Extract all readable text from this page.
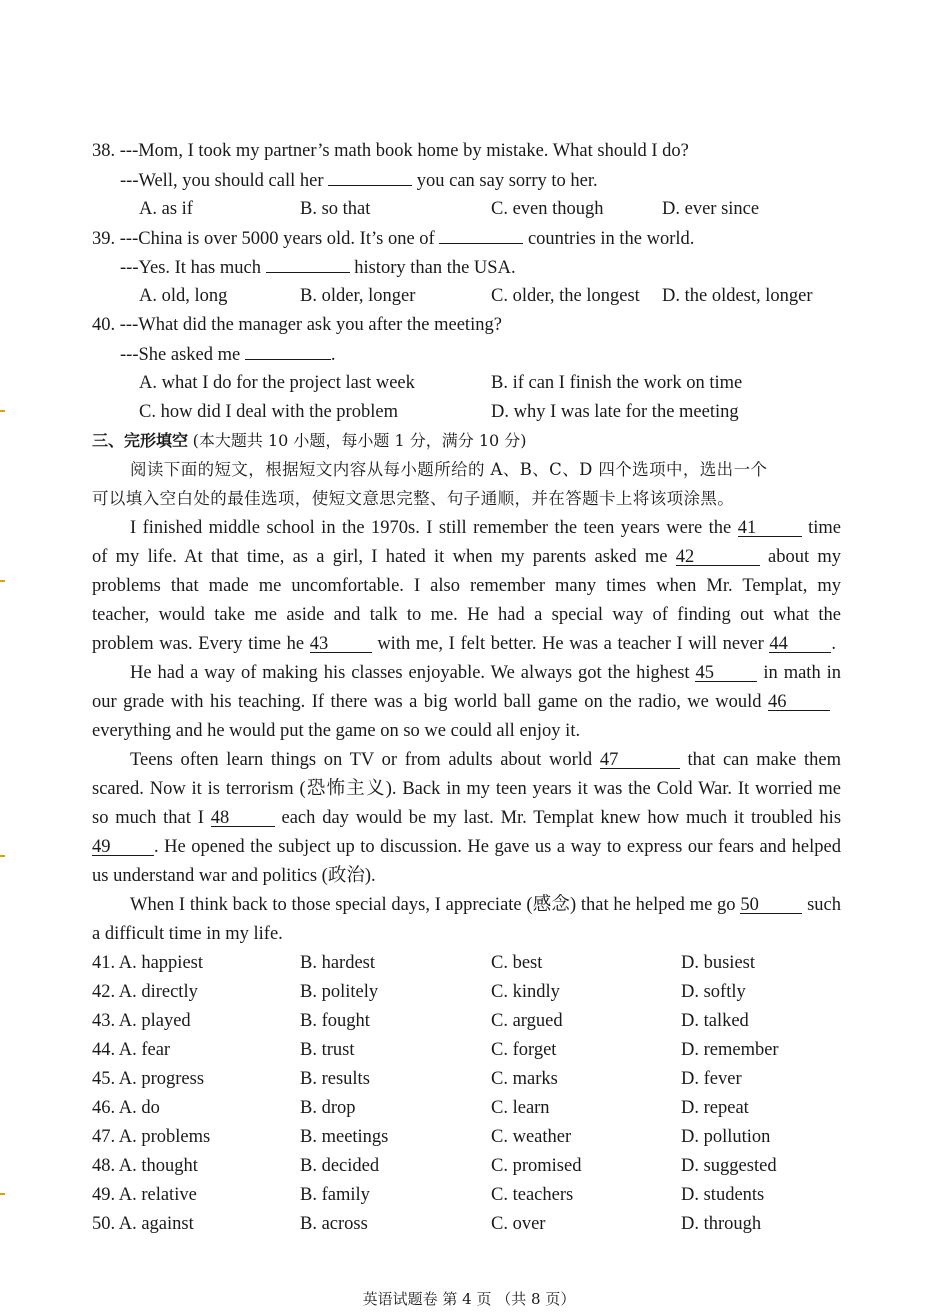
38. ---Mom, I took my partner’s math book home by mistake. What should I do?
---Well, you should call her	you can say sorry to her.
A. as if	B. so that	C. even though	D. ever since
39. ---China is over 5000 years old. It’s one of	countries in the world.
---Yes. It has much	history than the USA.
A. old, long	B. older, longer	C. older, the longest D. the oldest, longer
40. ---What did the manager ask you after the meeting?
---She asked me	.
A. what I do for the project last week	B. if can I finish the work on time
C. how did I deal with the problem	D. why I was late for the meeting
三、完形填空 (本大题共 10 小题，每小题 1 分，满分 10 分)
阅读下面的短文，根据短文内容从每小题所给的 A、B、C、D 四个选项中，选出一个
可以填入空白处的最佳选项，使短文意思完整、句子通顺，并在答题卡上将该项涂黑。
I finished middle school in the 1970s. I still remember the teen years were the 41	time
of my life. At that time, as a girl, I hated it when my parents asked me 42	about my
problems that made me uncomfortable. I also remember many times when Mr. Templat, my
teacher, would take me aside and talk to me. He had a special way of finding out what the
problem was. Every time he 43	with me, I felt better. He was a teacher I will never 44 .
He had a way of making his classes enjoyable. We always got the highest 45	in math in
our grade with his teaching. If there was a big world ball game on the radio, we would 46
everything and he would put the game on so we could all enjoy it.
Teens often learn things on TV or from adults about world 47	that can make them
scared. Now it is terrorism (恐怖主义). Back in my teen years it was the Cold War. It worried me
so much that I 48	each day would be my last. Mr. Templat knew how much it troubled his
49 . He opened the subject up to discussion. He gave us a way to express our fears and helped
us understand war and politics (政治).
When I think back to those special days, I appreciate (感念) that he helped me go 50	such
a difficult time in my life.
41. A. happiest	B. hardest	C. best	D. busiest
42. A. directly	B. politely	C. kindly	D. softly
43. A. played	B. fought	C. argued	D. talked
44. A. fear	B. trust	C. forget	D. remember
45. A. progress	B. results	C. marks	D. fever
46. A. do	B. drop	C. learn	D. repeat
47. A. problems	B. meetings	C. weather	D. pollution
48. A. thought	B. decided	C. promised	D. suggested
49. A. relative	B. family	C. teachers	D. students
50. A. against	B. across	C. over	D. through
英语试题卷 第 4 页 （共 8 页）
